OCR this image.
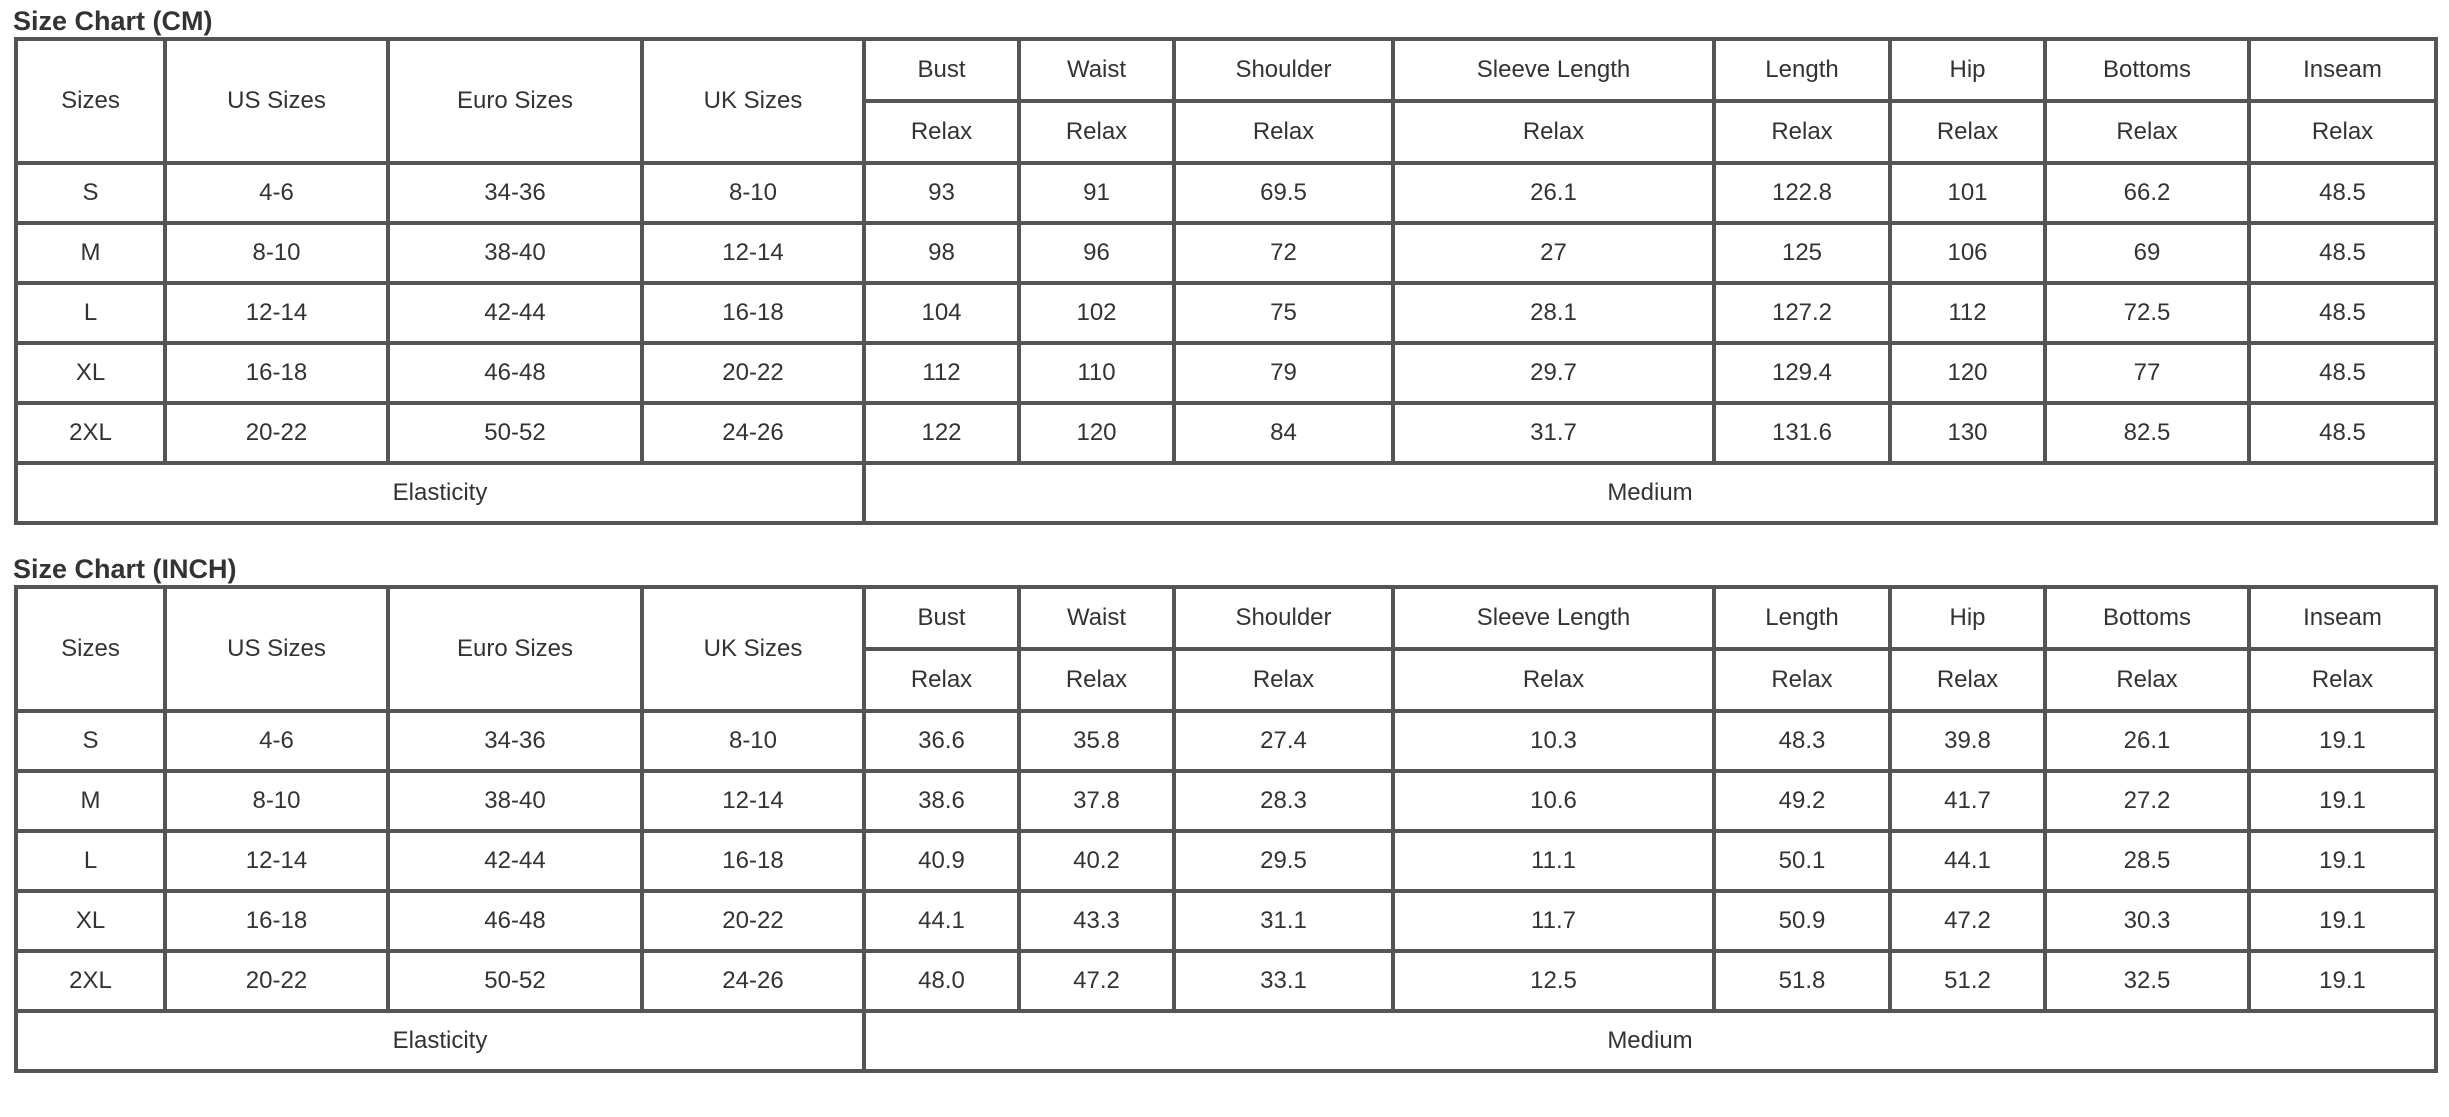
Size Chart (CM)
Sizes	US Sizes	Euro Sizes	UK Sizes	Bust	Waist	Shoulder	Sleeve Length	Length	Hip	Bottoms	Inseam
				Relax	Relax	Relax	Relax	Relax	Relax	Relax	Relax
S	4-6	34-36	8-10	93	91	69.5	26.1	122.8	101	66.2	48.5
M	8-10	38-40	12-14	98	96	72	27	125	106	69	48.5
L	12-14	42-44	16-18	104	102	75	28.1	127.2	112	72.5	48.5
XL	16-18	46-48	20-22	112	110	79	29.7	129.4	120	77	48.5
2XL	20-22	50-52	24-26	122	120	84	31.7	131.6	130	82.5	48.5
Elasticity				Medium							
Size Chart (INCH)
Sizes	US Sizes	Euro Sizes	UK Sizes	Bust	Waist	Shoulder	Sleeve Length	Length	Hip	Bottoms	Inseam
				Relax	Relax	Relax	Relax	Relax	Relax	Relax	Relax
S	4-6	34-36	8-10	36.6	35.8	27.4	10.3	48.3	39.8	26.1	19.1
M	8-10	38-40	12-14	38.6	37.8	28.3	10.6	49.2	41.7	27.2	19.1
L	12-14	42-44	16-18	40.9	40.2	29.5	11.1	50.1	44.1	28.5	19.1
XL	16-18	46-48	20-22	44.1	43.3	31.1	11.7	50.9	47.2	30.3	19.1
2XL	20-22	50-52	24-26	48.0	47.2	33.1	12.5	51.8	51.2	32.5	19.1
Elasticity				Medium							
